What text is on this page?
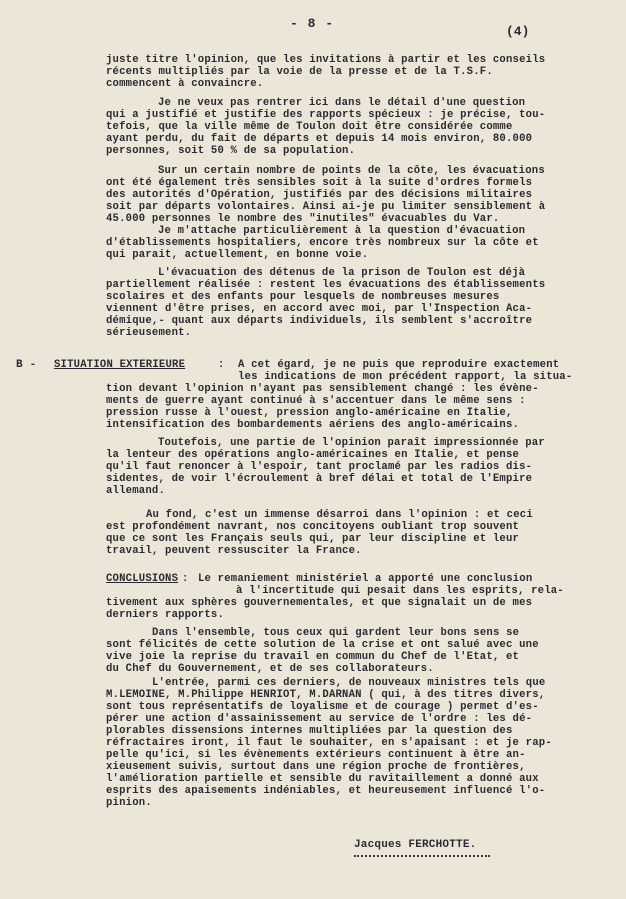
- 8 -
(4)
juste titre l'opinion, que les invitations à partir et les conseils
récents multipliés par la voie de la presse et de la T.S.F.
commencent à convaincre.
Je ne veux pas rentrer ici dans le détail d'une question
qui a justifié et justifie des rapports spécieux : je précise, tou-
tefois, que la ville même de Toulon doit être considérée comme
ayant perdu, du fait de départs et depuis 14 mois environ, 80.000
personnes, soit 50 % de sa population.
Sur un certain nombre de points de la côte, les évacuations
ont été également très sensibles soit à la suite d'ordres formels
des autorités d'Opération, justifiés par des décisions militaires
soit par départs volontaires. Ainsi ai-je pu limiter sensiblement à
45.000 personnes le nombre des "inutiles" évacuables du Var.
Je m'attache particulièrement à la question d'évacuation
d'établissements hospitaliers, encore très nombreux sur la côte et
qui parait, actuellement, en bonne voie.
L'évacuation des détenus de la prison de Toulon est déjà
partiellement réalisée : restent les évacuations des établissements
scolaires et des enfants pour lesquels de nombreuses mesures
viennent d'être prises, en accord avec moi, par l'Inspection Aca-
démique,- quant aux départs individuels, ils semblent s'accroître
sérieusement.
B - SITUATION EXTERIEURE	: A cet égard, je ne puis que reproduire exactement
les indications de mon précédent rapport, la situa-
tion devant l'opinion n'ayant pas sensiblement changé : les évène-
ments de guerre ayant continué à s'accentuer dans le même sens :
pression russe à l'ouest, pression anglo-américaine en Italie,
intensification des bombardements aériens des anglo-américains.
Toutefois, une partie de l'opinion paraît impressionnée par
la lenteur des opérations anglo-américaines en Italie, et pense
qu'il faut renoncer à l'espoir, tant proclamé par les radios dis-
sidentes, de voir l'écroulement à bref délai et total de l'Empire
allemand.
Au fond, c'est un immense désarroi dans l'opinion : et ceci
est profondément navrant, nos concitoyens oubliant trop souvent
que ce sont les Français seuls qui, par leur discipline et leur
travail, peuvent ressusciter la France.
CONCLUSIONS : Le remaniement ministériel a apporté une conclusion
à l'incertitude qui pesait dans les esprits, rela-
tivement aux sphères gouvernementales, et que signalait un de mes
derniers rapports.
Dans l'ensemble, tous ceux qui gardent leur bons sens se
sont félicités de cette solution de la crise et ont salué avec une
vive joie la reprise du travail en commun du Chef de l'Etat, et
du Chef du Gouvernement, et de ses collaborateurs.
L'entrée, parmi ces derniers, de nouveaux ministres tels que
M.LEMOINE, M.Philippe HENRIOT, M.DARNAN ( qui, à des titres divers,
sont tous représentatifs de loyalisme et de courage ) permet d'es-
pérer une action d'assainissement au service de l'ordre : les dé-
plorables dissensions internes multipliées par la question des
réfractaires iront, il faut le souhaiter, en s'apaisant : et je rap-
pelle qu'ici, si les évènements extérieurs continuent à être an-
xieusement suivis, surtout dans une région proche de frontières,
l'amélioration partielle et sensible du ravitaillement a donné aux
esprits des apaisements indéniables, et heureusement influencé l'o-
pinion.
Jacques FERCHOTTE.
